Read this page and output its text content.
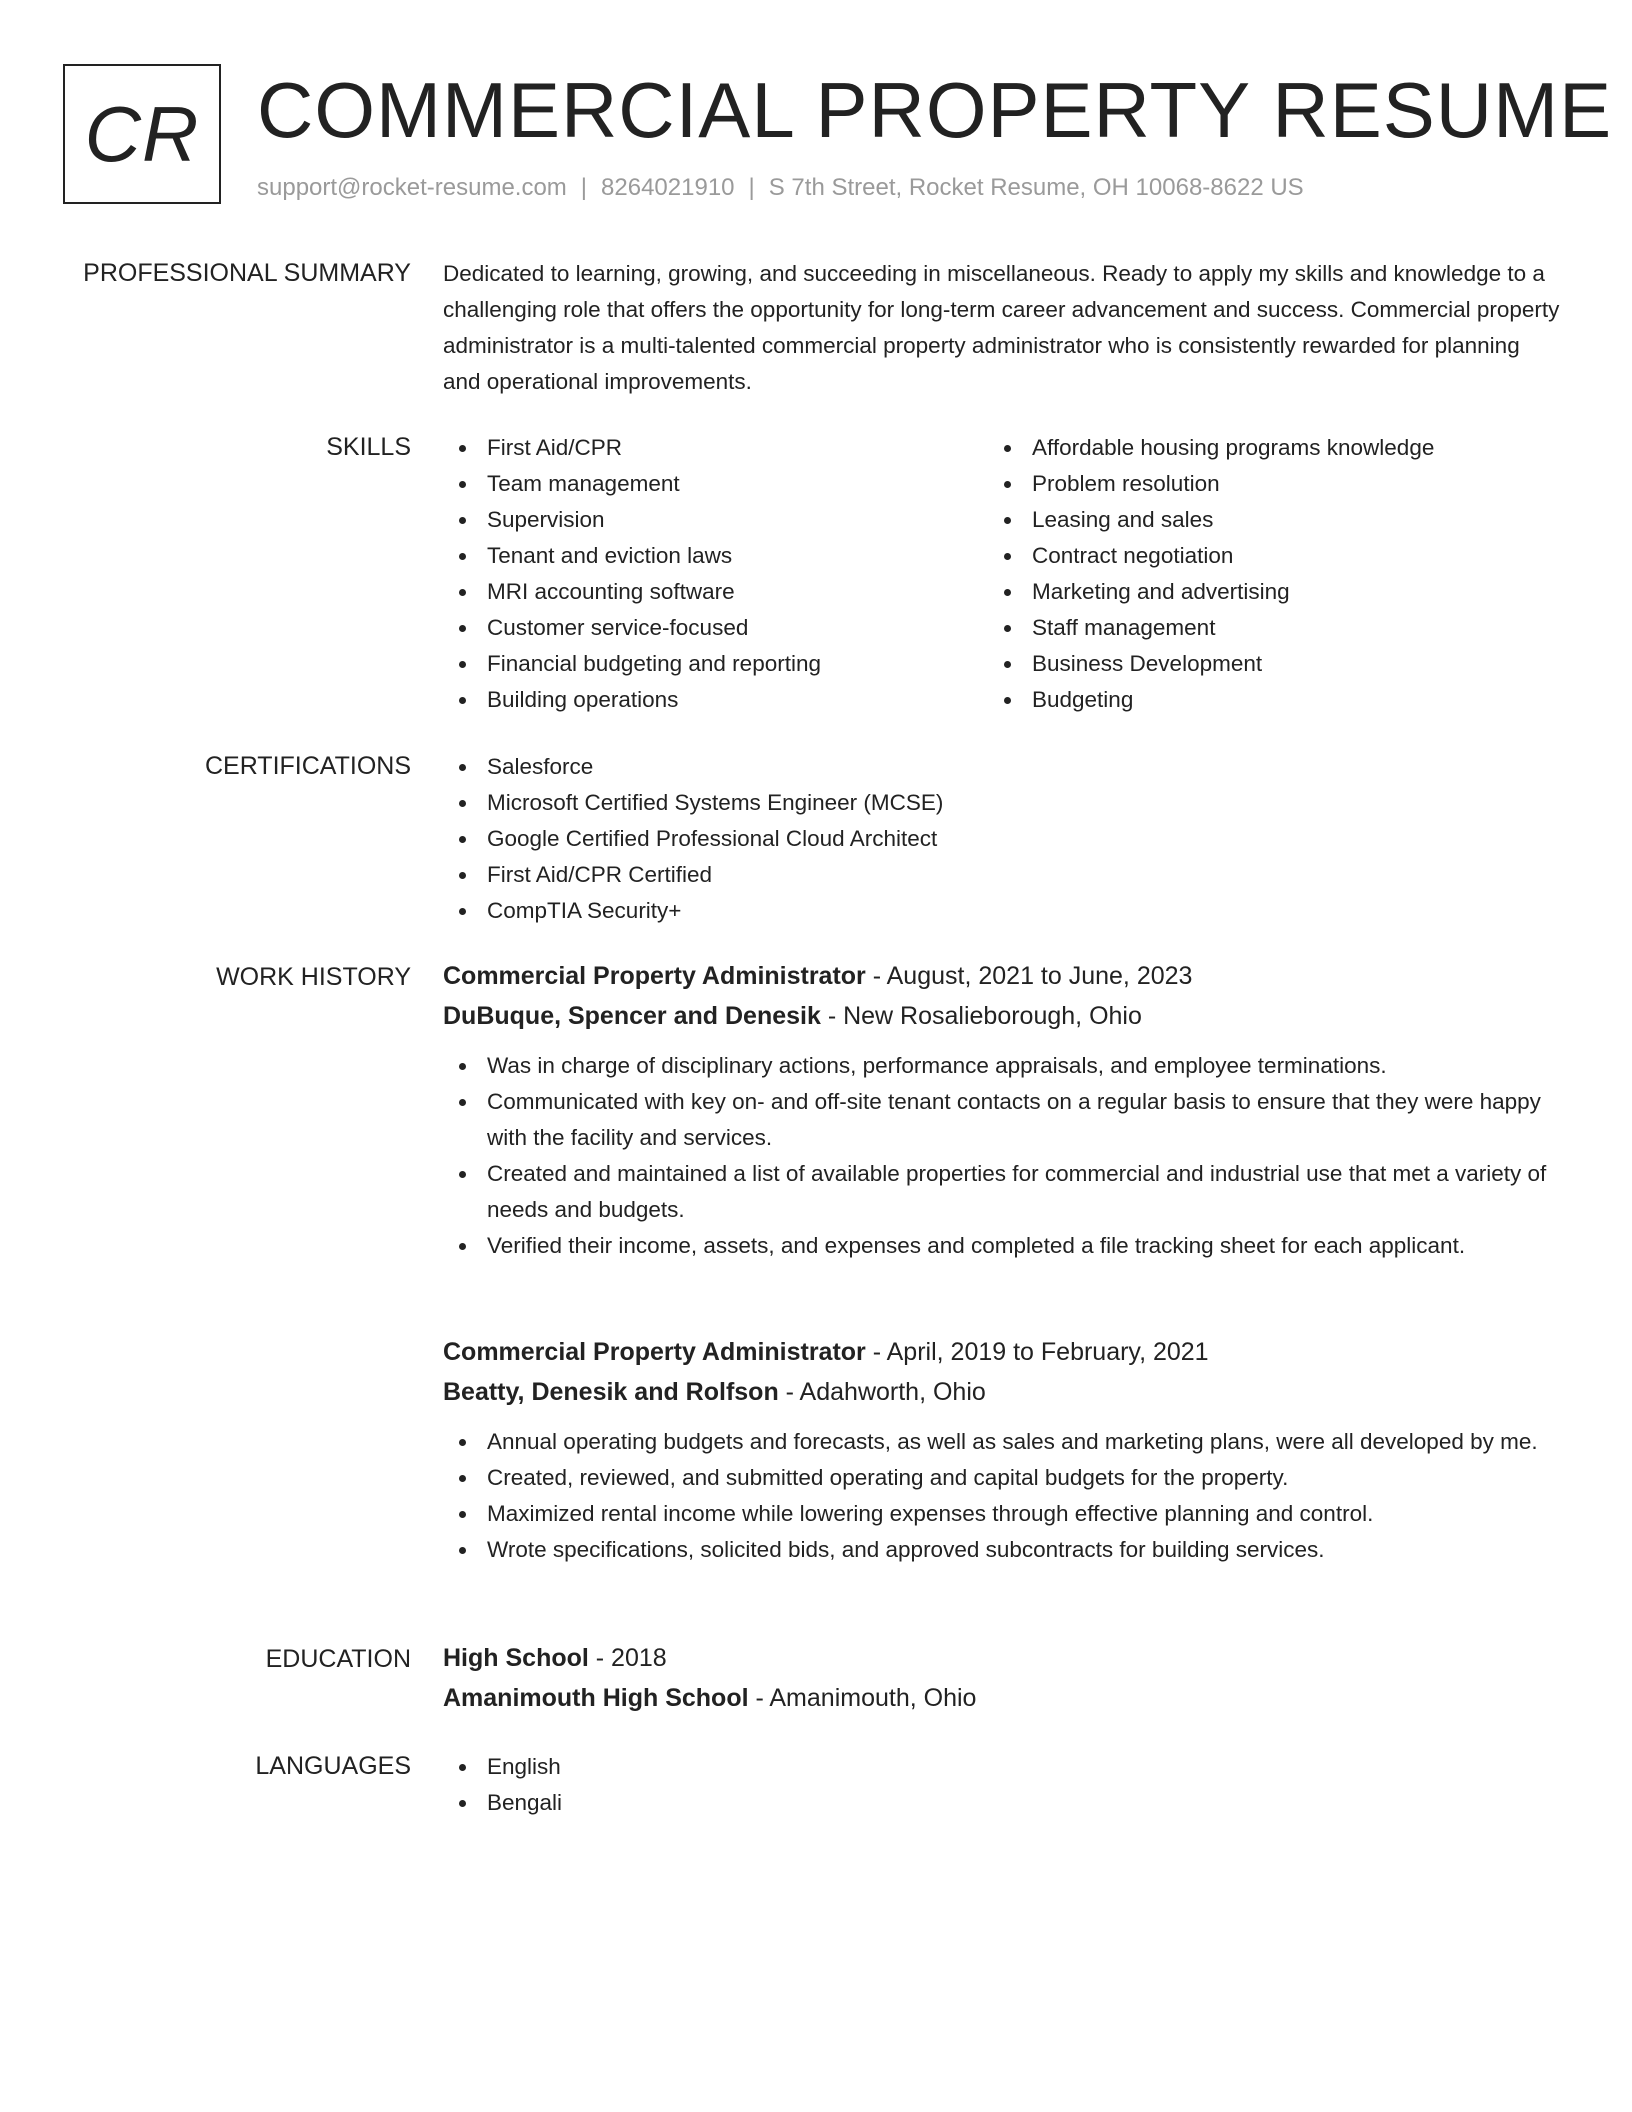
CR COMMERCIAL PROPERTY RESUME
support@rocket-resume.com | 8264021910 | S 7th Street, Rocket Resume, OH 10068-8622 US
PROFESSIONAL SUMMARY Dedicated to learning, growing, and succeeding in miscellaneous. Ready to apply my skills and knowledge to a challenging role that offers the opportunity for long-term career advancement and success. Commercial property administrator is a multi-talented commercial property administrator who is consistently rewarded for planning and operational improvements.

SKILLS	First Aid/CPR
Team management
Supervision
Tenant and eviction laws
MRI accounting software
Customer service-focused
Financial budgeting and reporting
Building operations
Affordable housing programs knowledge
Problem resolution
Leasing and sales
Contract negotiation
Marketing and advertising
Staff management
Business Development
Budgeting
CERTIFICATIONS	Salesforce
Microsoft Certified Systems Engineer (MCSE)
Google Certified Professional Cloud Architect
First Aid/CPR Certified
CompTIA Security+
WORK HISTORY Commercial Property Administrator - August, 2021 to June, 2023
DuBuque, Spencer and Denesik - New Rosalieborough, Ohio
Was in charge of disciplinary actions, performance appraisals, and employee terminations.
Communicated with key on- and off-site tenant contacts on a regular basis to ensure that they were happy with the facility and services.
Created and maintained a list of available properties for commercial and industrial use that met a variety of needs and budgets.
Verified their income, assets, and expenses and completed a file tracking sheet for each applicant.
Commercial Property Administrator - April, 2019 to February, 2021
Beatty, Denesik and Rolfson - Adahworth, Ohio
Annual operating budgets and forecasts, as well as sales and marketing plans, were all developed by me.
Created, reviewed, and submitted operating and capital budgets for the property.
Maximized rental income while lowering expenses through effective planning and control.
Wrote specifications, solicited bids, and approved subcontracts for building services.
EDUCATION High School - 2018
Amanimouth High School - Amanimouth, Ohio
LANGUAGES	English
Bengali
